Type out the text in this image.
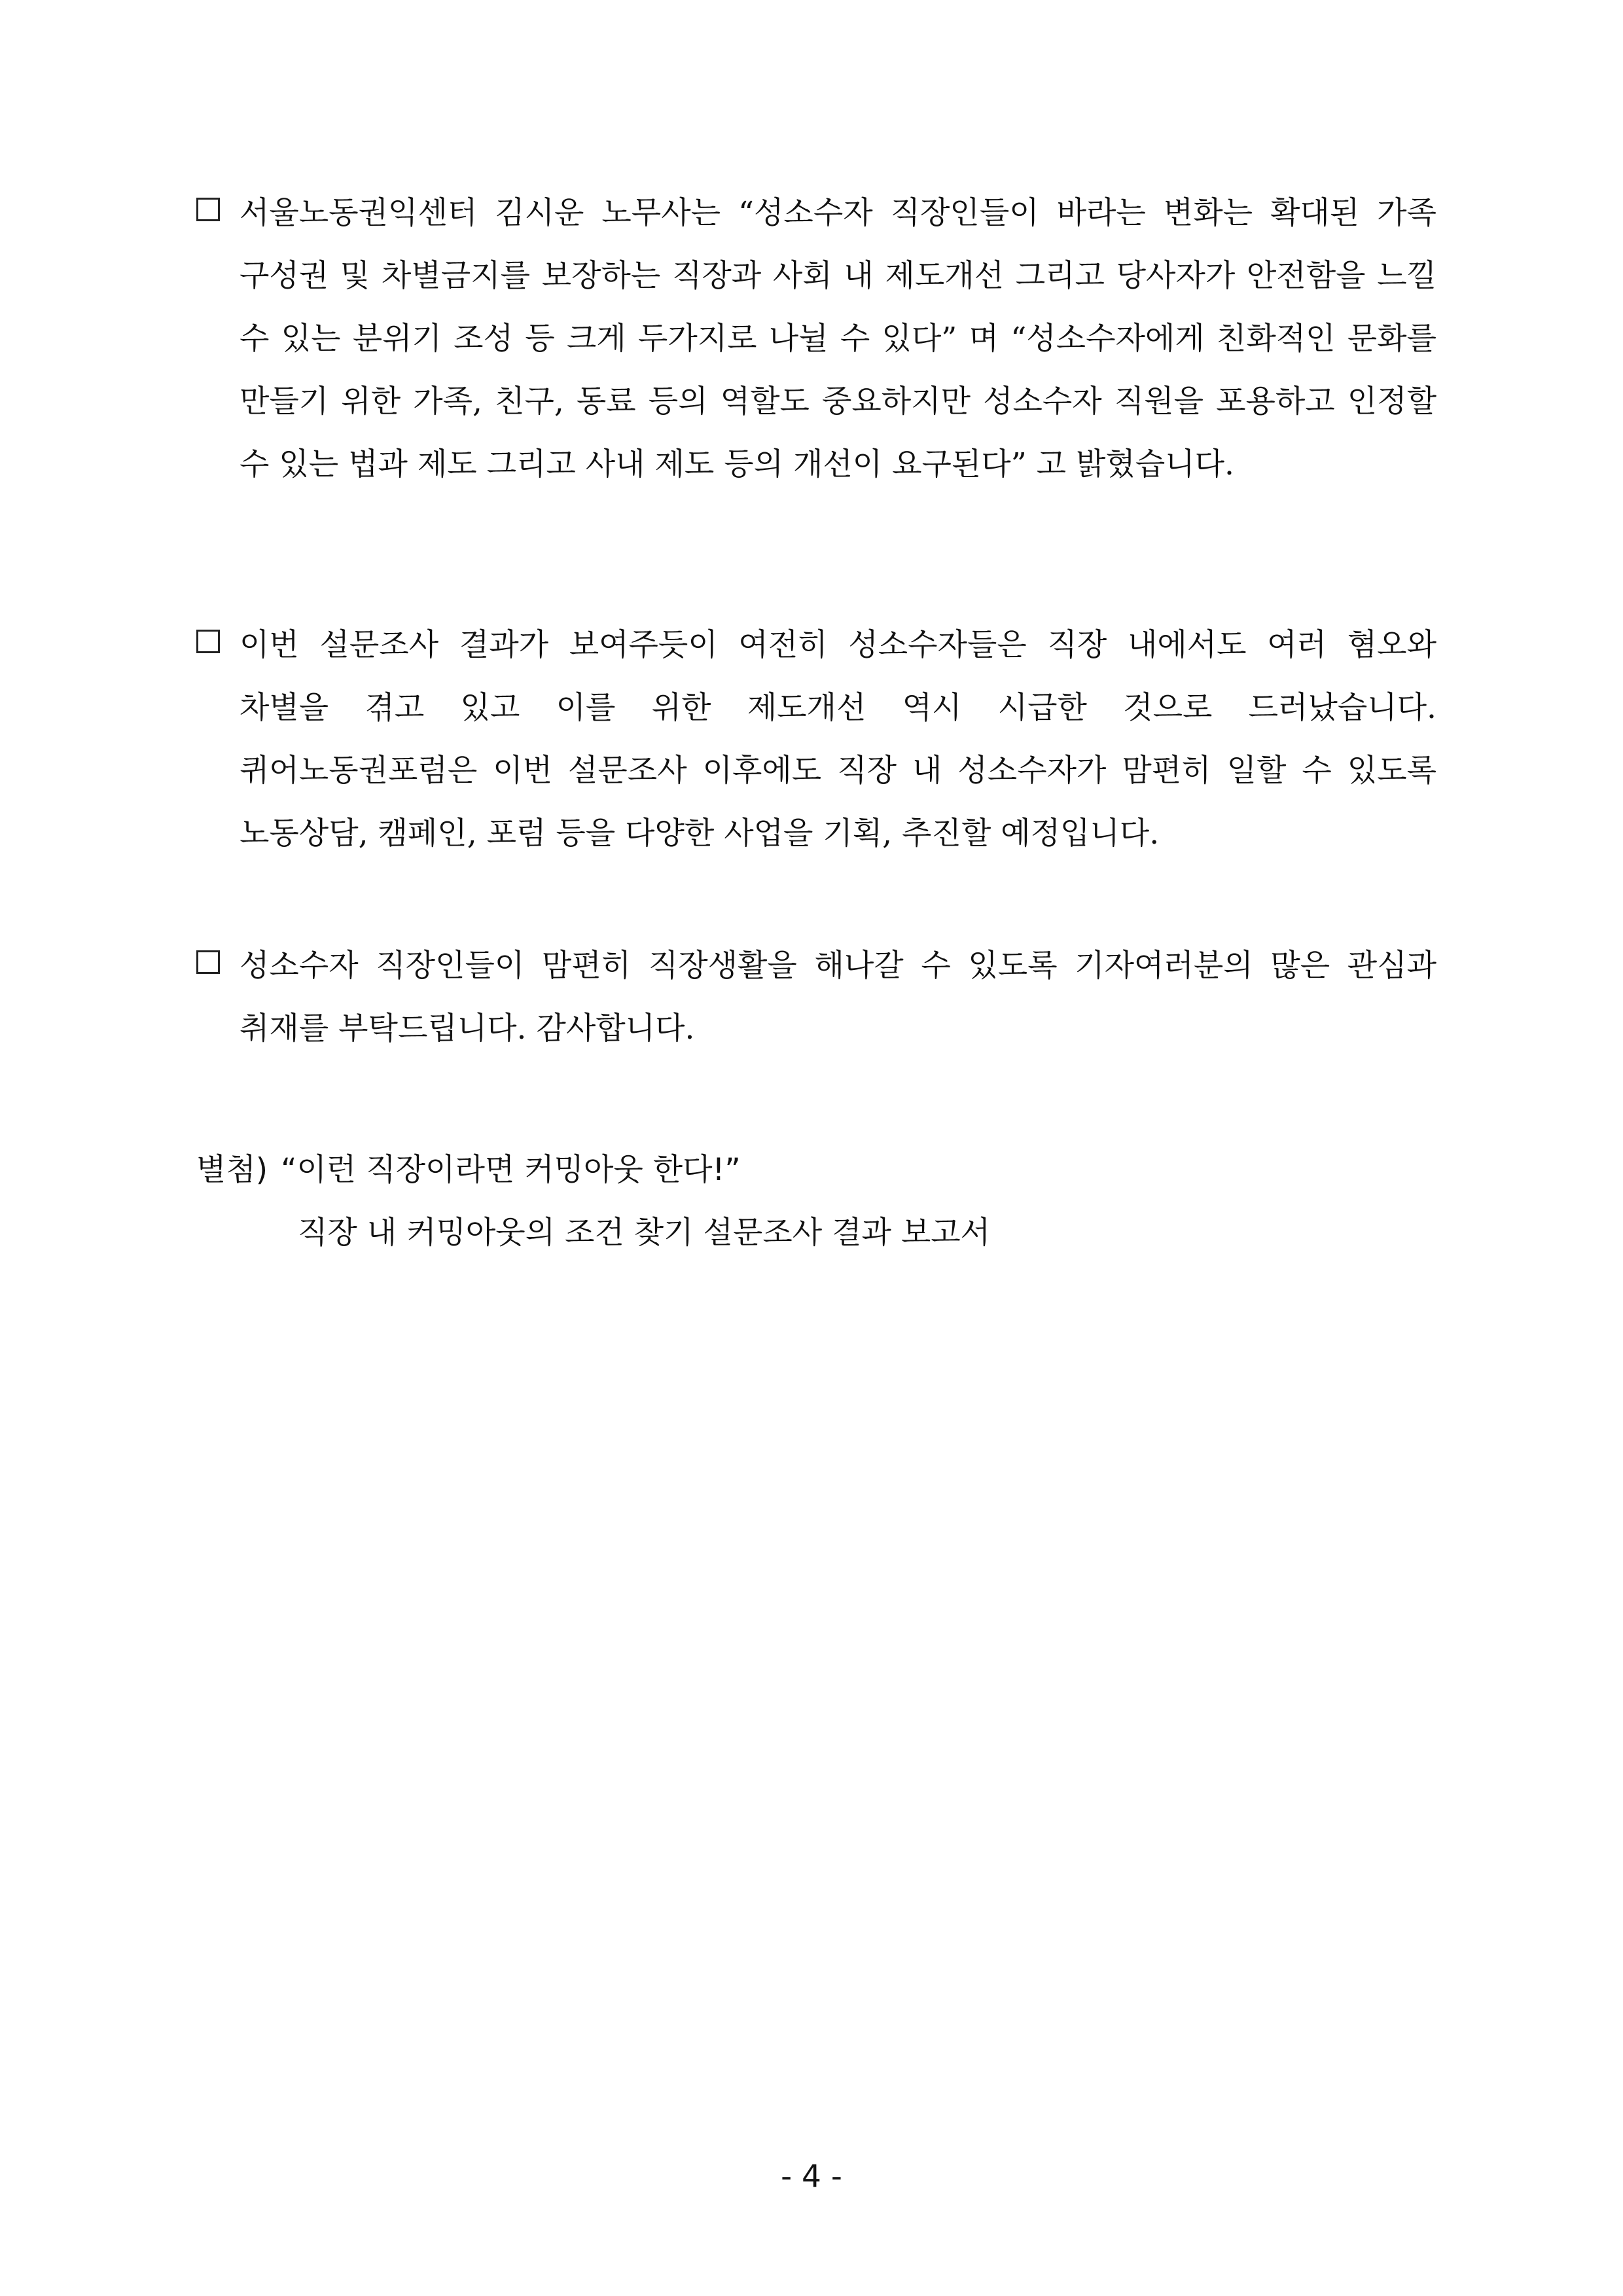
서울노동권익센터 김시운 노무사는 “성소수자 직장인들이 바라는 변화는 확대된 가족 구성권 및 차별금지를 보장하는 직장과 사회 내 제도개선 그리고 당사자가 안전함을 느낄 수 있는 분위기 조성 등 크게 두가지로 나뉠 수 있다” 며 “성소수자에게 친화적인 문화를 만들기 위한 가족, 친구, 동료 등의 역할도 중요하지만 성소수자 직원을 포용하고 인정할 수 있는 법과 제도 그리고 사내 제도 등의 개선이 요구된다” 고 밝혔습니다.
이번 설문조사 결과가 보여주듯이 여전히 성소수자들은 직장 내에서도 여러 혐오와 차별을 겪고 있고 이를 위한 제도개선 역시 시급한 것으로 드러났습니다. 퀴어노동권포럼은 이번 설문조사 이후에도 직장 내 성소수자가 맘편히 일할 수 있도록 노동상담, 캠페인, 포럼 등을 다양한 사업을 기획, 추진할 예정입니다.
성소수자 직장인들이 맘편히 직장생활을 해나갈 수 있도록 기자여러분의 많은 관심과 취재를 부탁드립니다. 감사합니다.
별첨) “이런 직장이라면 커밍아웃 한다!”
직장 내 커밍아웃의 조건 찾기 설문조사 결과 보고서
- 4 -
